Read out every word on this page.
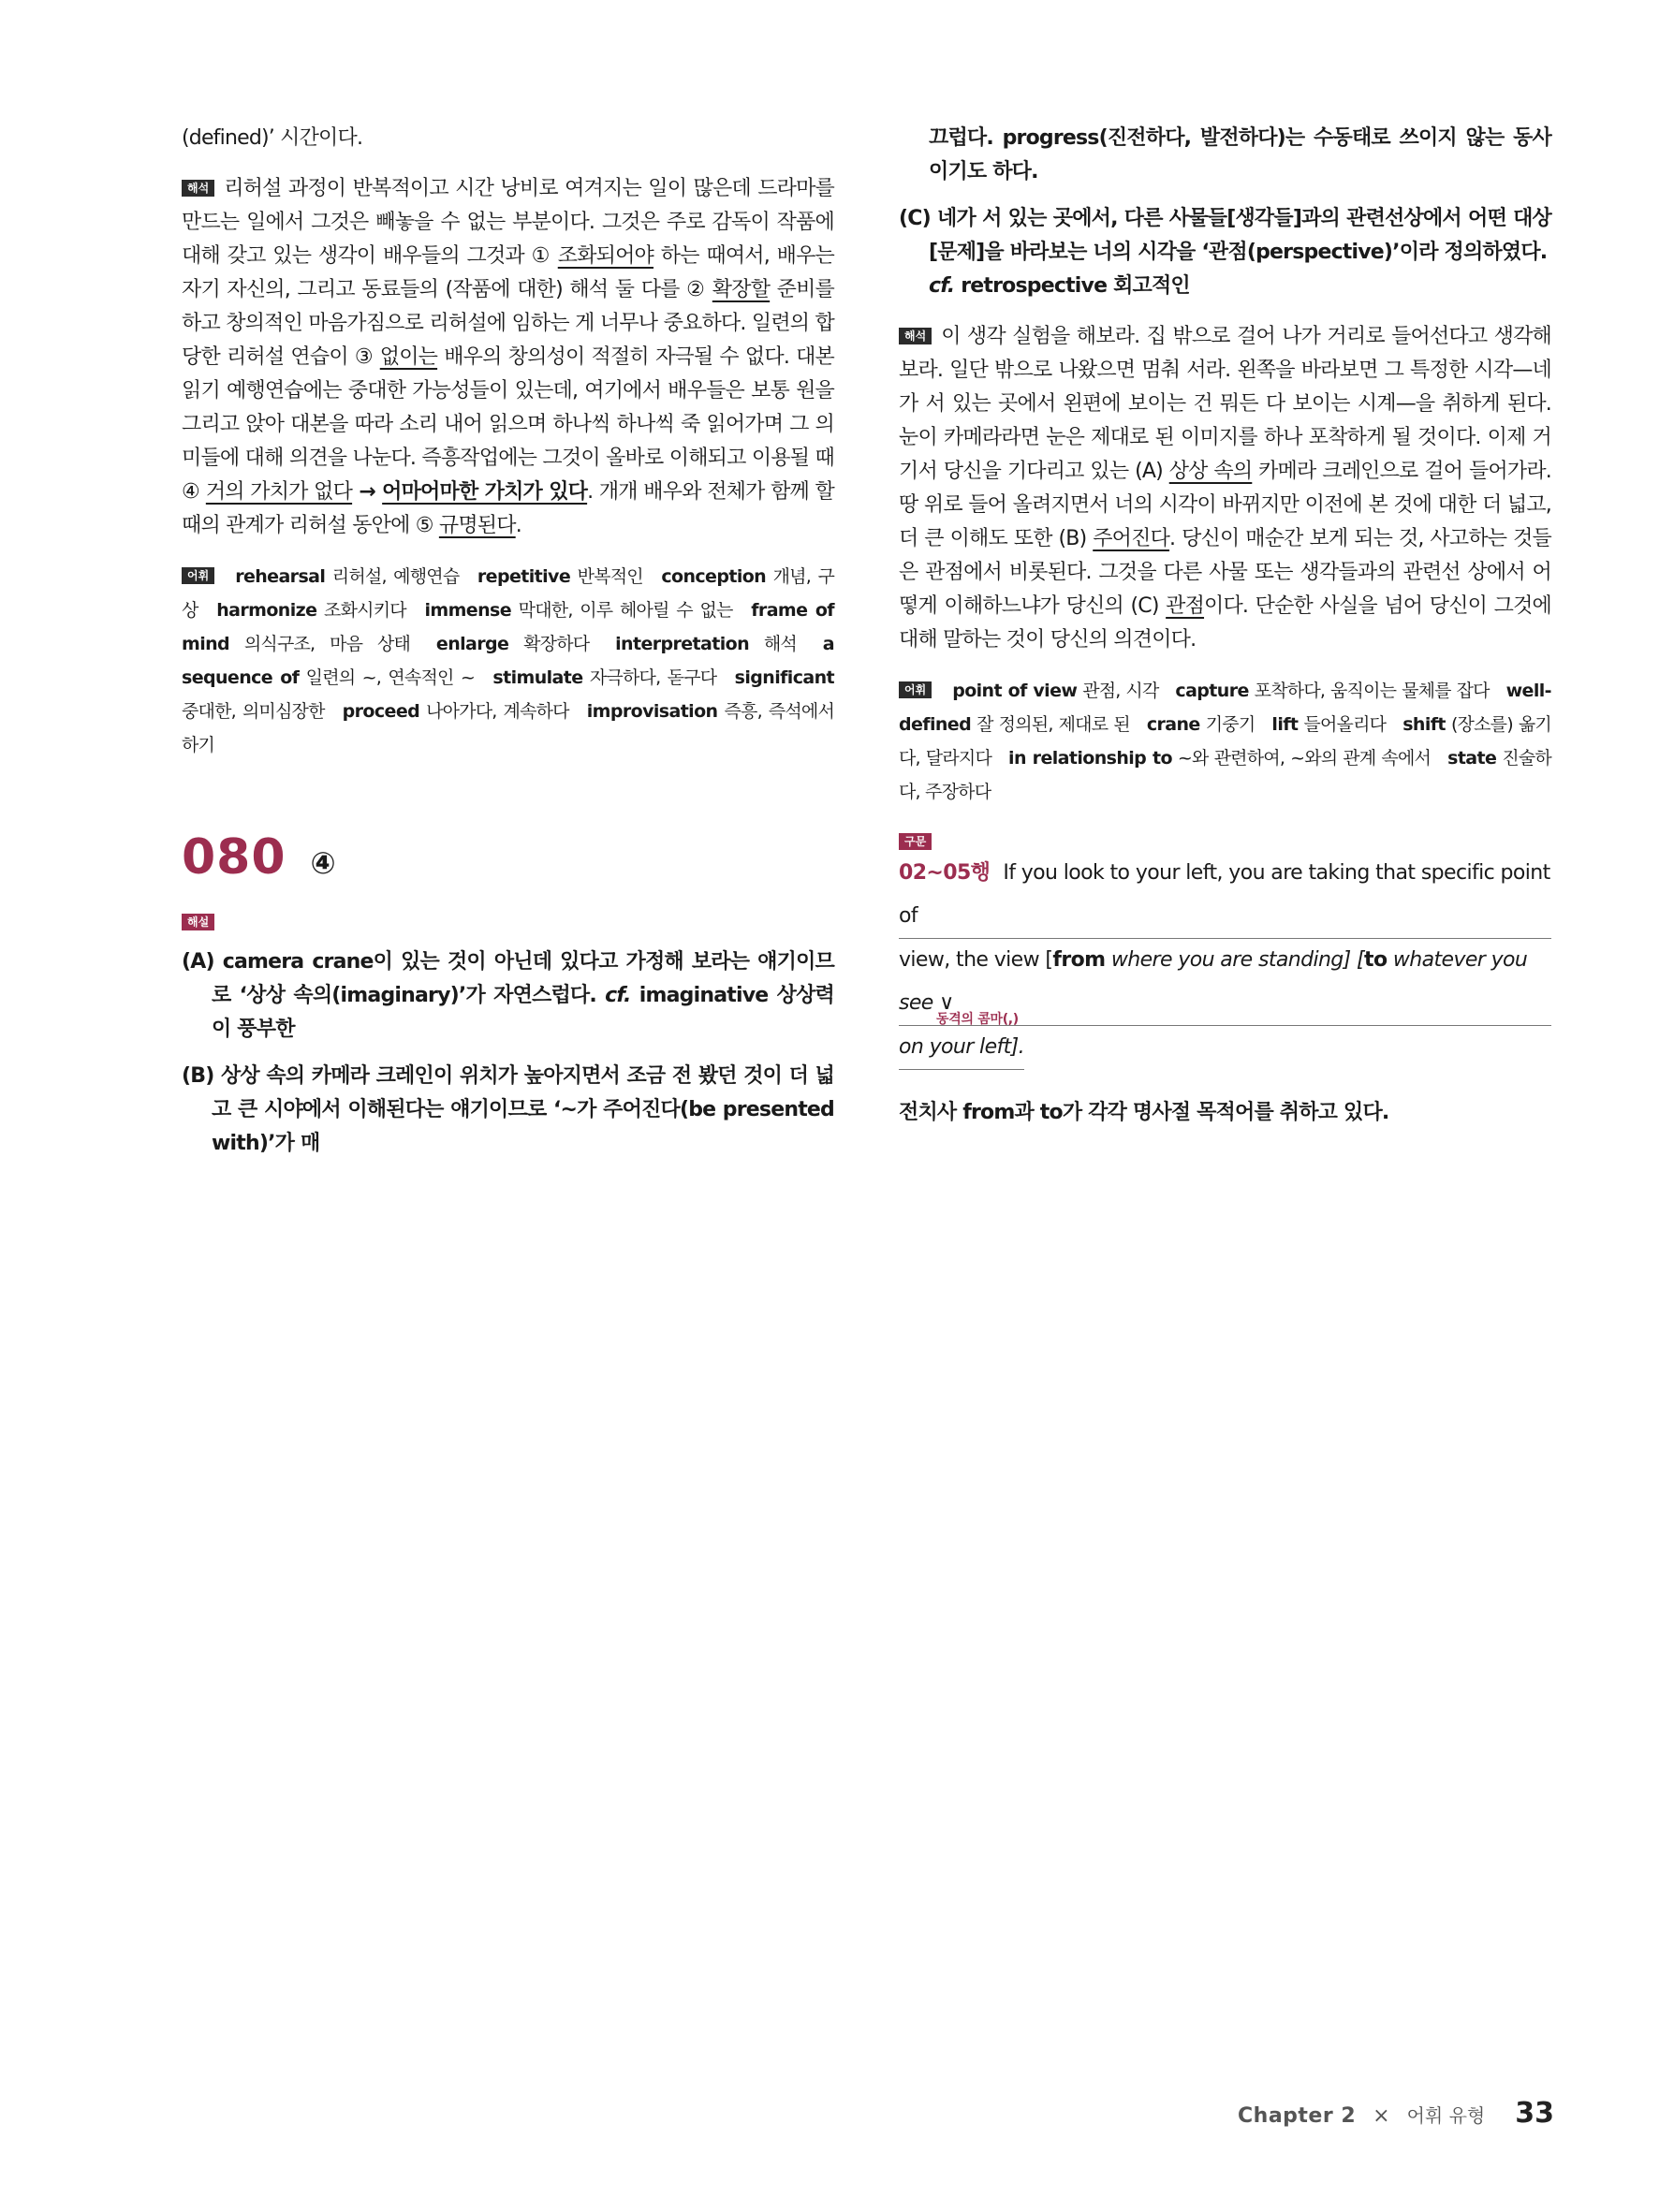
(defined)’ 시간이다.

해석 리허설 과정이 반복적이고 시간 낭비로 여겨지는 일이 많은데 드라마를 만드는 일에서 그것은 빼놓을 수 없는 부분이다. 그것은 주로 감독이 작품에 대해 갖고 있는 생각이 배우들의 그것과 ① 조화되어야 하는 때여서, 배우는 자기 자신의, 그리고 동료들의 (작품에 대한) 해석 둘 다를 ② 확장할 준비를 하고 창의적인 마음가짐으로 리허설에 임하는 게 너무나 중요하다. 일련의 합당한 리허설 연습이 ③ 없이는 배우의 창의성이 적절히 자극될 수 없다. 대본 읽기 예행연습에는 중대한 가능성들이 있는데, 여기에서 배우들은 보통 원을 그리고 앉아 대본을 따라 소리 내어 읽으며 하나씩 하나씩 죽 읽어가며 그 의미들에 대해 의견을 나눈다. 즉흥작업에는 그것이 올바로 이해되고 이용될 때 ④ 거의 가치가 없다 → 어마어마한 가치가 있다. 개개 배우와 전체가 함께 할 때의 관계가 리허설 동안에 ⑤ 규명된다.

어휘 rehearsal 리허설, 예행연습 repetitive 반복적인 conception 개념, 구상 harmonize 조화시키다 immense 막대한, 이루 헤아릴 수 없는 frame of mind 의식구조, 마음 상태 enlarge 확장하다 interpretation 해석 a sequence of 일련의 ~, 연속적인 ~ stimulate 자극하다, 돋구다 significant 중대한, 의미심장한 proceed 나아가다, 계속하다 improvisation 즉흥, 즉석에서 하기

080 ④
해설

(A) camera crane이 있는 것이 아닌데 있다고 가정해 보라는 얘기이므로 ‘상상 속의(imaginary)’가 자연스럽다. cf. imaginative 상상력이 풍부한

(B) 상상 속의 카메라 크레인이 위치가 높아지면서 조금 전 봤던 것이 더 넓고 큰 시야에서 이해된다는 얘기이므로 ‘~가 주어진다(be presented with)’가 매

끄럽다. progress(진전하다, 발전하다)는 수동태로 쓰이지 않는 동사이기도 하다.

(C) 네가 서 있는 곳에서, 다른 사물들[생각들]과의 관련선상에서 어떤 대상[문제]을 바라보는 너의 시각을 ‘관점(perspective)’이라 정의하였다.
cf. retrospective 회고적인

해석 이 생각 실험을 해보라. 집 밖으로 걸어 나가 거리로 들어선다고 생각해 보라. 일단 밖으로 나왔으면 멈춰 서라. 왼쪽을 바라보면 그 특정한 시각—네가 서 있는 곳에서 왼편에 보이는 건 뭐든 다 보이는 시계—을 취하게 된다. 눈이 카메라라면 눈은 제대로 된 이미지를 하나 포착하게 될 것이다. 이제 거기서 당신을 기다리고 있는 (A) 상상 속의 카메라 크레인으로 걸어 들어가라. 땅 위로 들어 올려지면서 너의 시각이 바뀌지만 이전에 본 것에 대한 더 넓고, 더 큰 이해도 또한 (B) 주어진다. 당신이 매순간 보게 되는 것, 사고하는 것들은 관점에서 비롯된다. 그것을 다른 사물 또는 생각들과의 관련선 상에서 어떻게 이해하느냐가 당신의 (C) 관점이다. 단순한 사실을 넘어 당신이 그것에 대해 말하는 것이 당신의 의견이다.

어휘 point of view 관점, 시각 capture 포착하다, 움직이는 물체를 잡다 well-defined 잘 정의된, 제대로 된 crane 기중기 lift 들어올리다 shift (장소를) 옮기다, 달라지다 in relationship to ~와 관련하여, ~와의 관계 속에서 state 진술하다, 주장하다

구문
02~05행 If you look to your left, you are taking that specific point of
view, the view [from where you are standing] [to whatever you see ∨
동격의 콤마(,)
on your left].

전치사 from과 to가 각각 명사절 목적어를 취하고 있다.

Chapter 2 × 어휘 유형 33
